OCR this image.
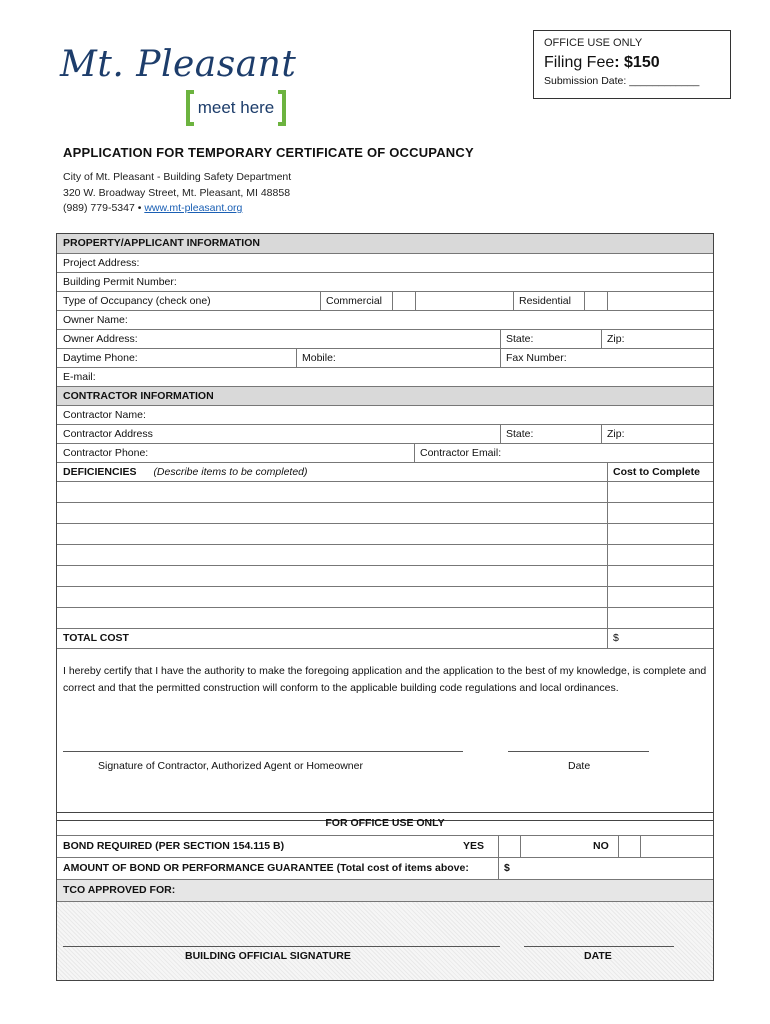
Mt. Pleasant
meet here
OFFICE USE ONLY
Filing Fee: $150
Submission Date: ____________
APPLICATION FOR TEMPORARY CERTIFICATE OF OCCUPANCY
City of Mt. Pleasant - Building Safety Department
320 W. Broadway Street, Mt. Pleasant, MI 48858
(989) 779-5347 • www.mt-pleasant.org
PROPERTY/APPLICANT INFORMATION
Project Address:
Building Permit Number:
Type of Occupancy (check one)	Commercial	Residential
Owner Name:
Owner Address:	State:	Zip:
Daytime Phone:	Mobile:	Fax Number:
E-mail:
CONTRACTOR INFORMATION
Contractor Name:
Contractor Address	State:	Zip:
Contractor Phone:	Contractor Email:
DEFICIENCIES (Describe items to be completed)	Cost to Complete
TOTAL COST	$
I hereby certify that I have the authority to make the foregoing application and the application to the best of my knowledge, is complete and correct and that the permitted construction will conform to the applicable building code regulations and local ordinances.
Signature of Contractor, Authorized Agent or Homeowner	Date
FOR OFFICE USE ONLY
BOND REQUIRED (PER SECTION 154.115 B)	YES	NO
AMOUNT OF BOND OR PERFORMANCE GUARANTEE (Total cost of items above:	$
TCO APPROVED FOR:
BUILDING OFFICIAL SIGNATURE	DATE
